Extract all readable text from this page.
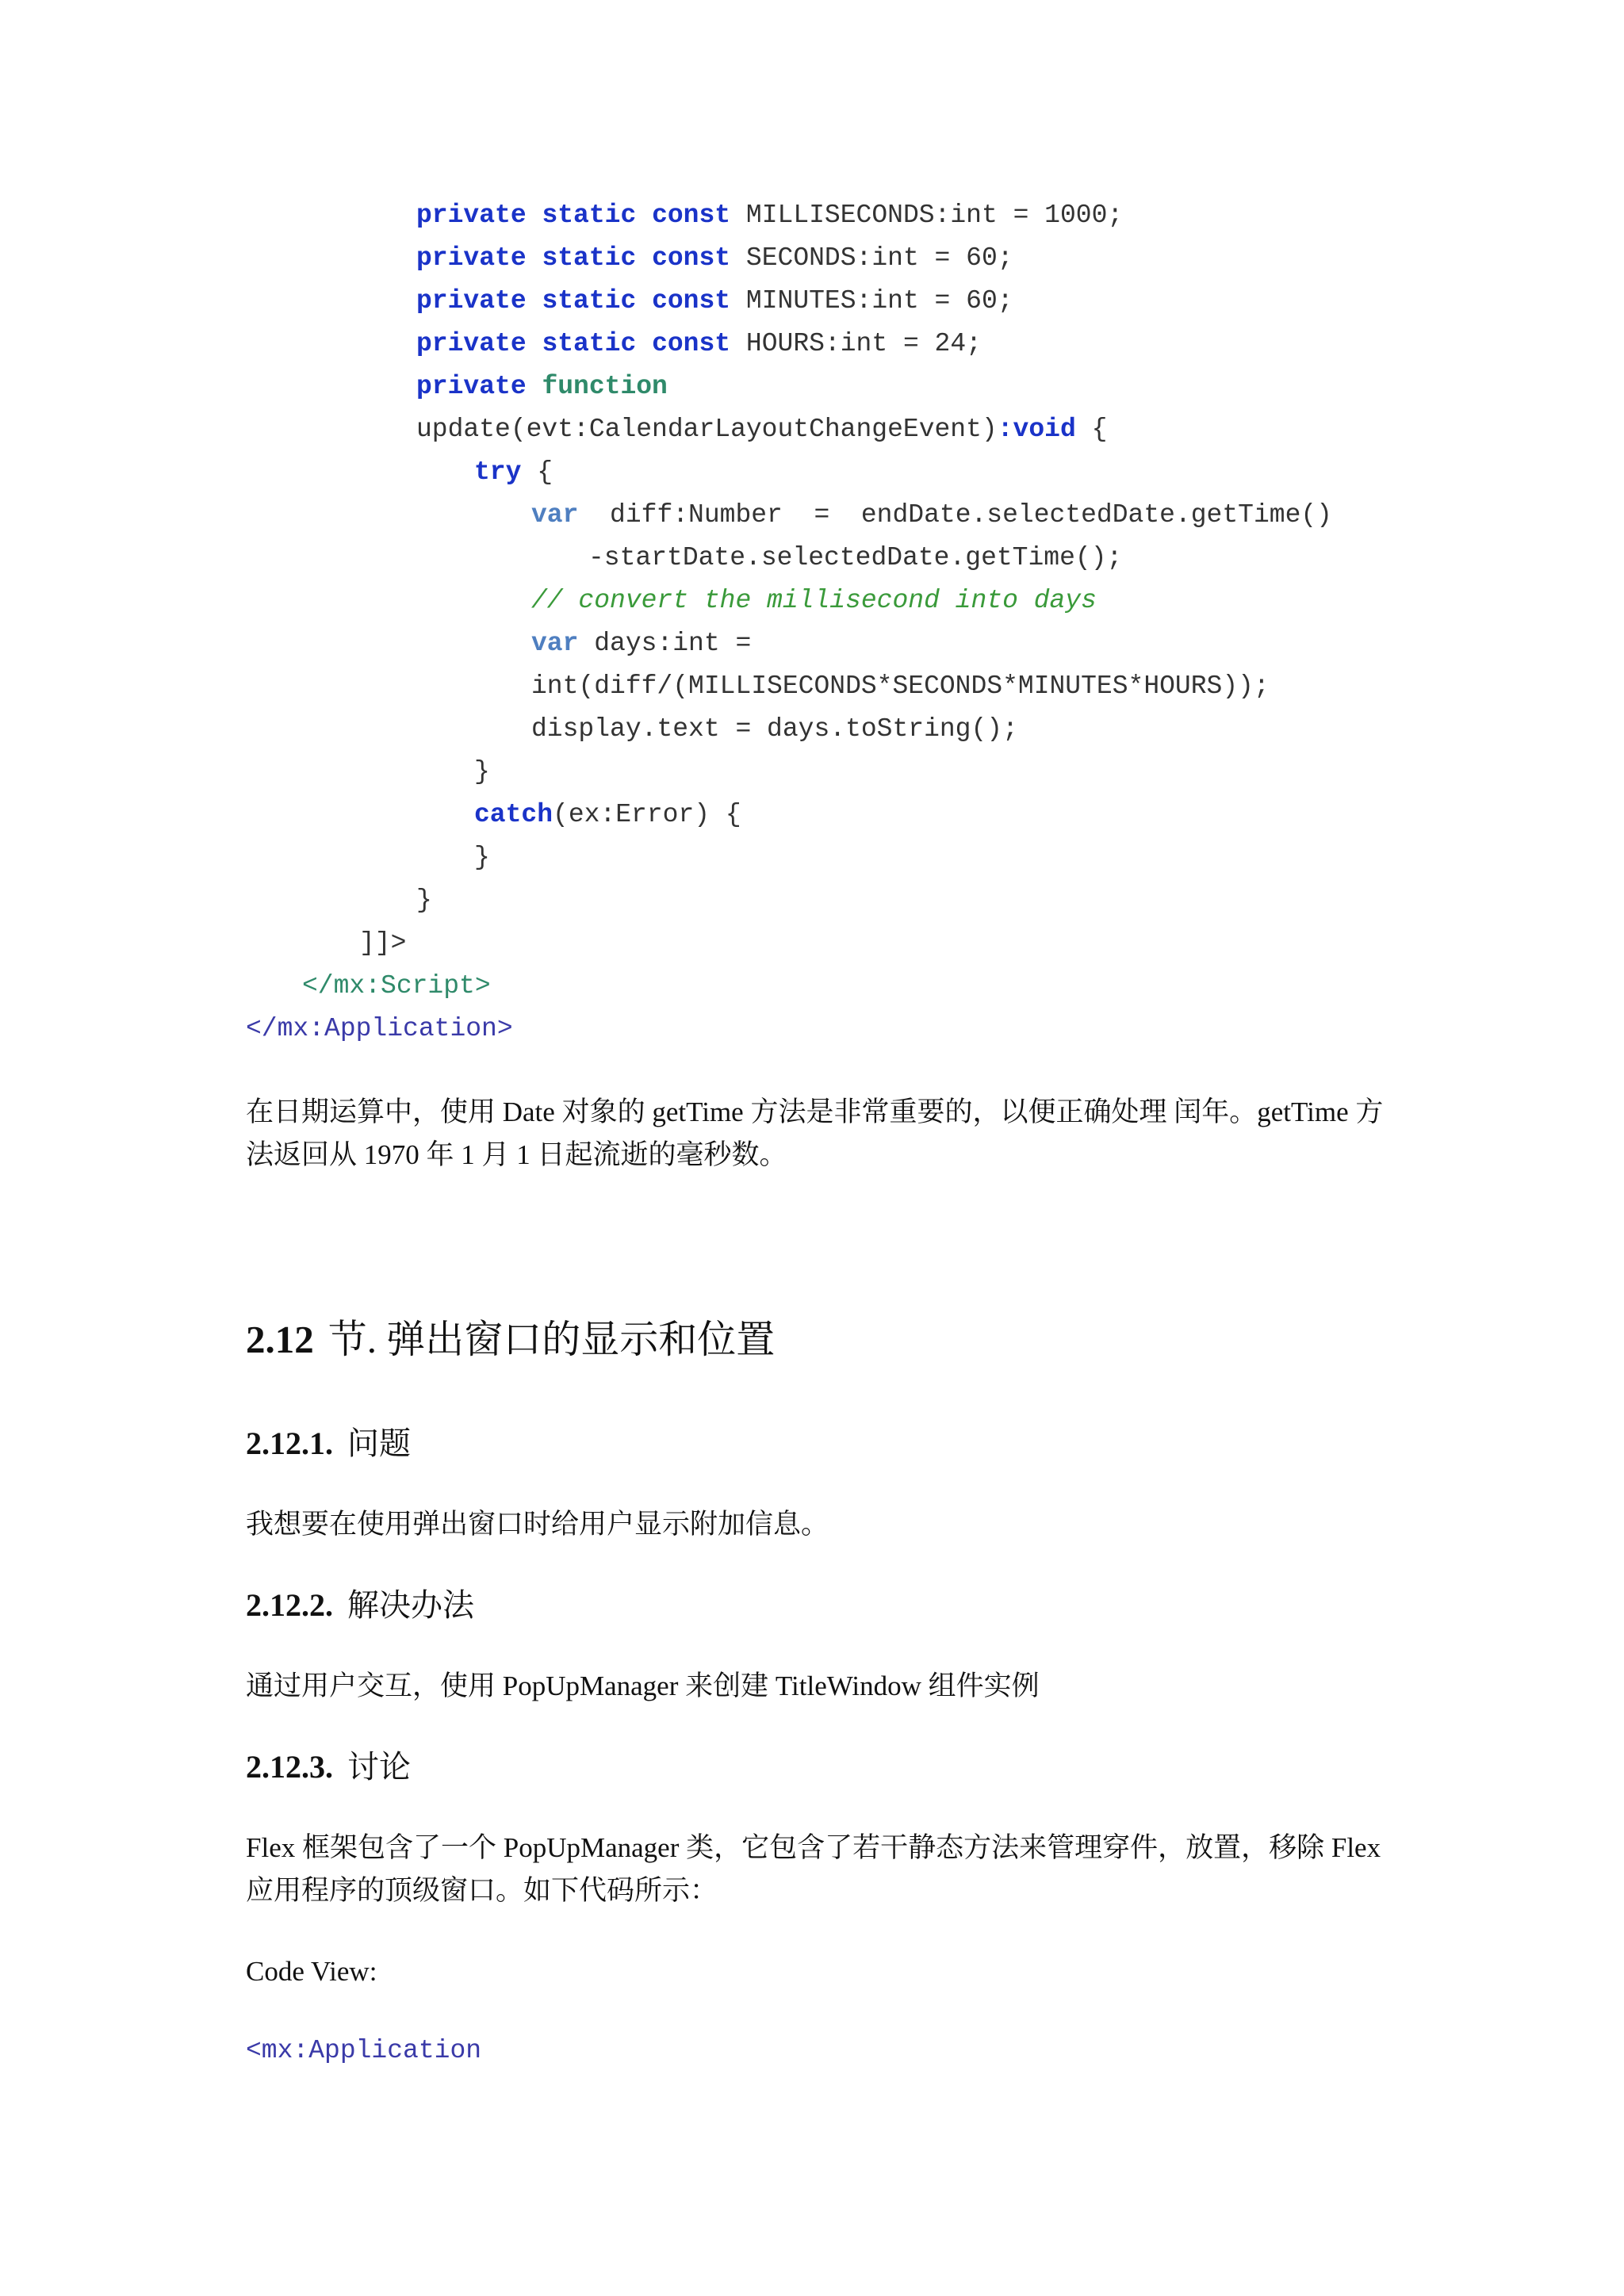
private static const MILLISECONDS:int = 1000;
private static const SECONDS:int = 60;
private static const MINUTES:int = 60;
private static const HOURS:int = 24;
private function
update(evt:CalendarLayoutChangeEvent):void {
try {
var  diff:Number  =  endDate.selectedDate.getTime()
-startDate.selectedDate.getTime();
// convert the millisecond into days
var days:int =
int(diff/(MILLISECONDS*SECONDS*MINUTES*HOURS));
display.text = days.toString();
}
catch(ex:Error) {
}
}
]]>
</mx:Script>
</mx:Application>
在日期运算中，使用 Date 对象的 getTime 方法是非常重要的，以便正确处理 闰年。getTime 方法返回从 1970 年 1 月 1 日起流逝的毫秒数。
2.12 节. 弹出窗口的显示和位置
2.12.1. 问题
我想要在使用弹出窗口时给用户显示附加信息。
2.12.2. 解决办法
通过用户交互，使用 PopUpManager 来创建 TitleWindow 组件实例
2.12.3. 讨论
Flex 框架包含了一个 PopUpManager 类，它包含了若干静态方法来管理穿件，放置，移除 Flex 应用程序的顶级窗口。如下代码所示：
Code View:
<mx:Application
